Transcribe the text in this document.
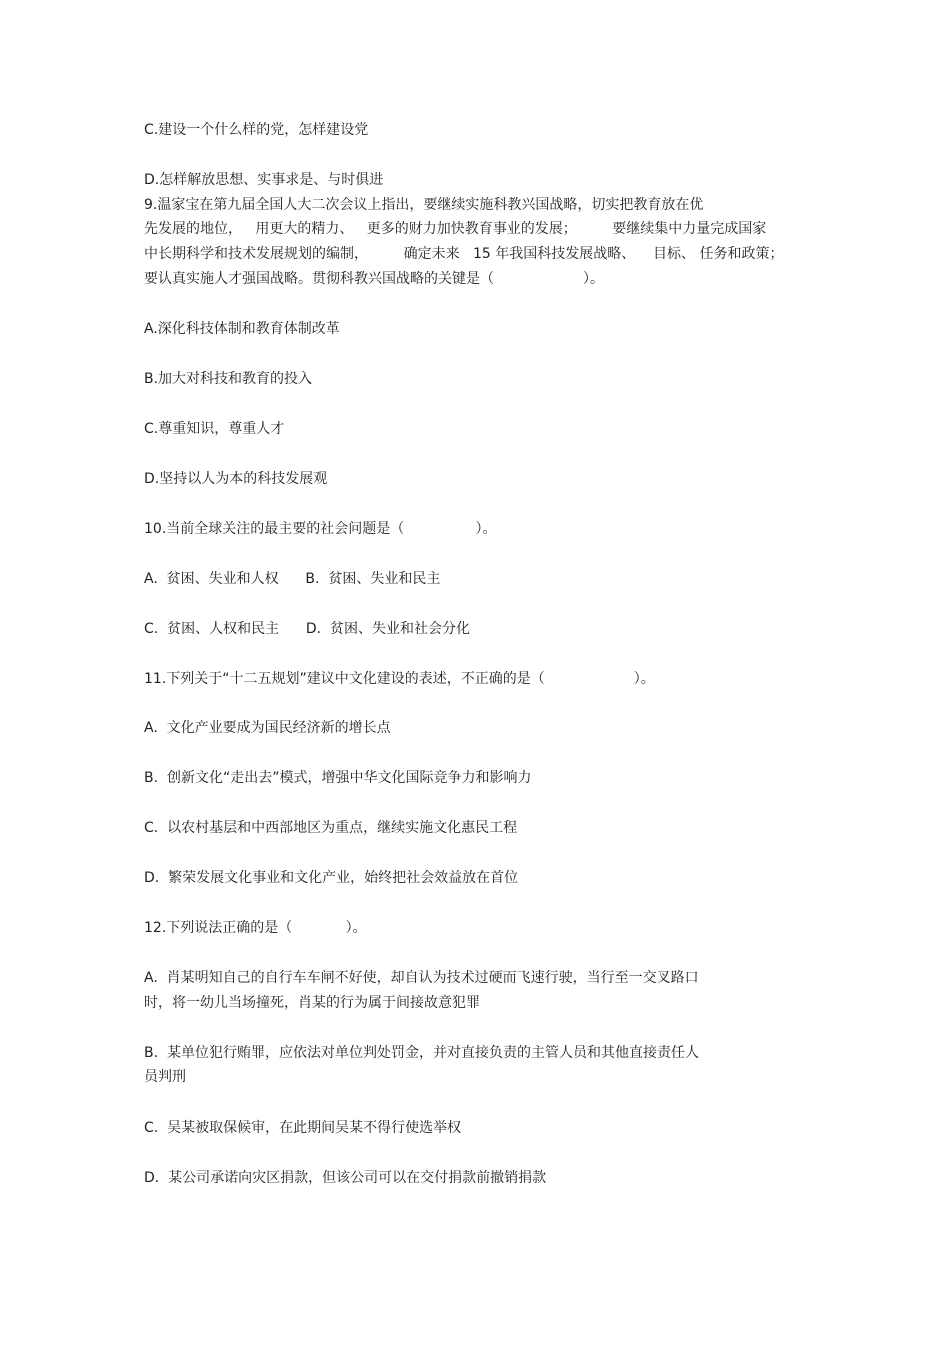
C.建设一个什么样的党，怎样建设党

D.怎样解放思想、实事求是、与时俱进

9.温家宝在第九届全国人大二次会议上指出，要继续实施科教兴国战略，切实把教育放在优

先发展的地位，   用更大的精力、   更多的财力加快教育事业的发展；        要继续集中力量完成国家

中长期科学和技术发展规划的编制，        确定未来   15 年我国科技发展战略、    目标、 任务和政策；

要认真实施人才强国战略。贯彻科教兴国战略的关键是（                    ）。

A.深化科技体制和教育体制改革

B.加大对科技和教育的投入

C.尊重知识，尊重人才

D.坚持以人为本的科技发展观

10.当前全球关注的最主要的社会问题是（                ）。

A.  贫困、失业和人权      B.  贫困、失业和民主

C.  贫困、人权和民主      D.  贫困、失业和社会分化

11.下列关于“十二五规划”建议中文化建设的表述，不正确的是（                    ）。

A.  文化产业要成为国民经济新的增长点

B.  创新文化“走出去”模式，增强中华文化国际竞争力和影响力

C.  以农村基层和中西部地区为重点，继续实施文化惠民工程

D.  繁荣发展文化事业和文化产业，始终把社会效益放在首位

12.下列说法正确的是（            ）。

A.  肖某明知自己的自行车车闸不好使，却自认为技术过硬而飞速行驶，当行至一交叉路口

时，将一幼儿当场撞死，肖某的行为属于间接故意犯罪

B.  某单位犯行贿罪，应依法对单位判处罚金，并对直接负责的主管人员和其他直接责任人

员判刑

C.  吴某被取保候审，在此期间吴某不得行使选举权

D.  某公司承诺向灾区捐款，但该公司可以在交付捐款前撤销捐款
